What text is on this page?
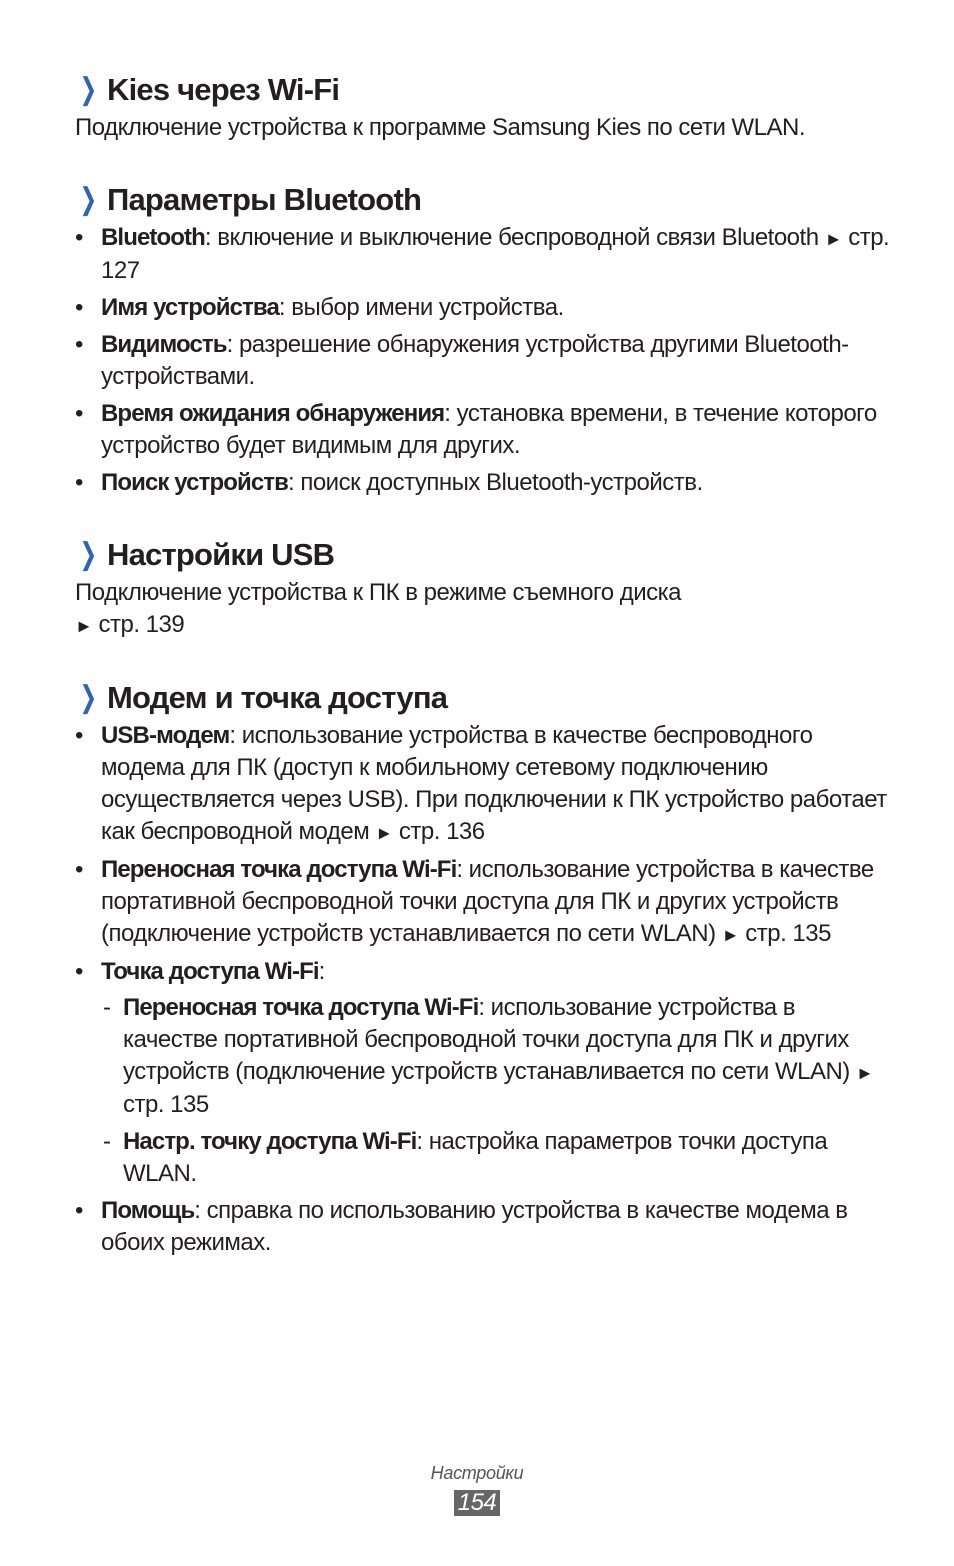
❯ Kies через Wi-Fi

Подключение устройства к программе Samsung Kies по сети WLAN.

❯ Параметры Bluetooth
• Bluetooth: включение и выключение беспроводной связи Bluetooth ► стр. 127
• Имя устройства: выбор имени устройства.
• Видимость: разрешение обнаружения устройства другими Bluetooth-устройствами.
• Время ожидания обнаружения: установка времени, в течение которого устройство будет видимым для других.
• Поиск устройств: поиск доступных Bluetooth-устройств.
❯ Настройки USB

Подключение устройства к ПК в режиме съемного диска
► стр. 139

❯ Модем и точка доступа
• USB-модем: использование устройства в качестве беспроводного модема для ПК (доступ к мобильному сетевому подключению осуществляется через USB). При подключении к ПК устройство работает как беспроводной модем ► стр. 136
• Переносная точка доступа Wi-Fi: использование устройства в качестве портативной беспроводной точки доступа для ПК и других устройств (подключение устройств устанавливается по сети WLAN) ► стр. 135
• Точка доступа Wi-Fi:
- Переносная точка доступа Wi-Fi: использование устройства в качестве портативной беспроводной точки доступа для ПК и других устройств (подключение устройств устанавливается по сети WLAN) ► стр. 135
- Настр. точку доступа Wi-Fi: настройка параметров точки доступа WLAN.
• Помощь: справка по использованию устройства в качестве модема в обоих режимах.
Настройки
154
